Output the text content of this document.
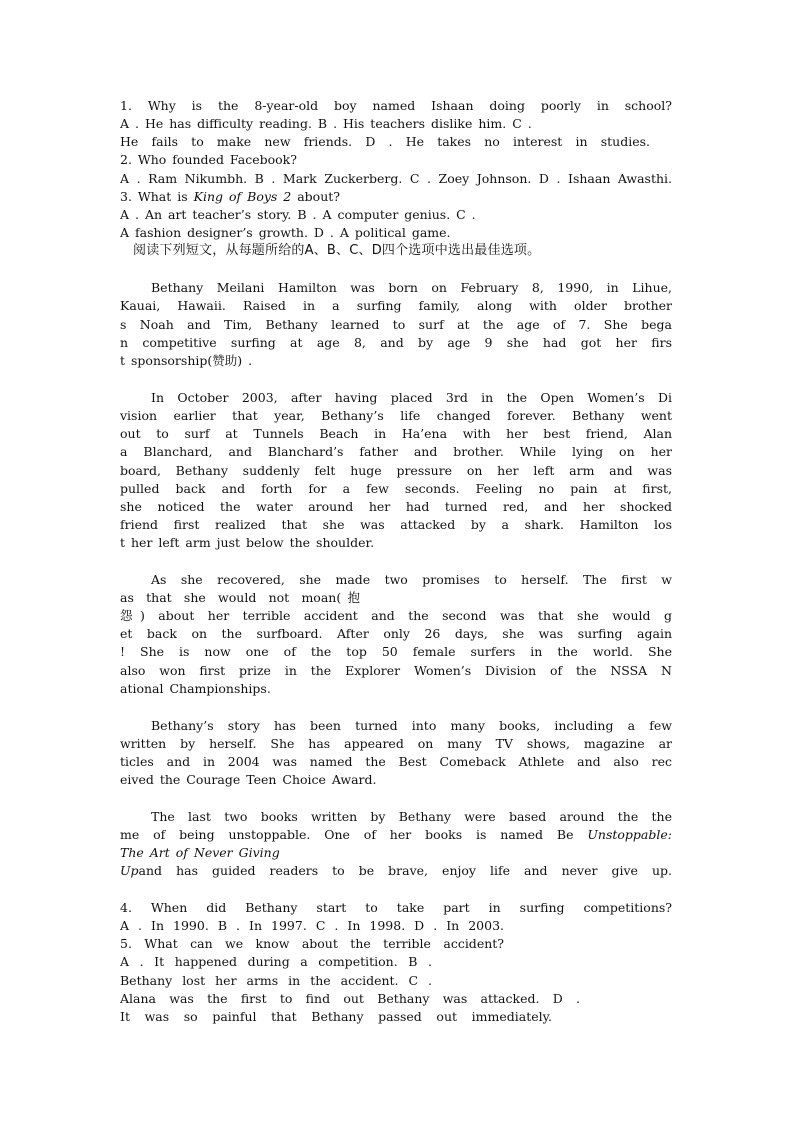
1. Why is the 8-year-old boy named Ishaan doing poorly in school?
A . He has difficulty reading. B . His teachers dislike him. C .
He fails to make new friends. D . He takes no interest in studies.
2. Who founded Facebook?
A . Ram Nikumbh. B . Mark Zuckerberg. C . Zoey Johnson. D . Ishaan Awasthi.
3. What is King of Boys 2 about?
A . An art teacher’s story. B . A computer genius. C .
A fashion designer’s growth. D . A political game.
阅读下列短文，从每题所给的A、B、C、D四个选项中选出最佳选项。
Bethany Meilani Hamilton was born on February 8, 1990, in Lihue,
Kauai, Hawaii. Raised in a surfing family, along with older brother
s Noah and Tim, Bethany learned to surf at the age of 7. She bega
n competitive surfing at age 8, and by age 9 she had got her firs
t sponsorship(赞助) .
In October 2003, after having placed 3rd in the Open Women’s Di
vision earlier that year, Bethany’s life changed forever. Bethany went
out to surf at Tunnels Beach in Ha’ena with her best friend, Alan
a Blanchard, and Blanchard’s father and brother. While lying on her
board, Bethany suddenly felt huge pressure on her left arm and was
pulled back and forth for a few seconds. Feeling no pain at first,
she noticed the water around her had turned red, and her shocked
friend first realized that she was attacked by a shark. Hamilton los
t her left arm just below the shoulder.
As she recovered, she made two promises to herself. The first w
as that she would not moan(抱
怨) about her terrible accident and the second was that she would g
et back on the surfboard. After only 26 days, she was surfing again
! She is now one of the top 50 female surfers in the world. She
also won first prize in the Explorer Women’s Division of the NSSA N
ational Championships.
Bethany’s story has been turned into many books, including a few
written by herself. She has appeared on many TV shows, magazine ar
ticles and in 2004 was named the Best Comeback Athlete and also rec
eived the Courage Teen Choice Award.
The last two books written by Bethany were based around the the
me of being unstoppable. One of her books is named Be Unstoppable:
The Art of Never Giving
Upand has guided readers to be brave, enjoy life and never give up.
4. When did Bethany start to take part in surfing competitions?
A . In 1990. B . In 1997. C . In 1998. D . In 2003.
5. What can we know about the terrible accident?
A . It happened during a competition. B .
Bethany lost her arms in the accident. C .
Alana was the first to find out Bethany was attacked. D .
It was so painful that Bethany passed out immediately.
